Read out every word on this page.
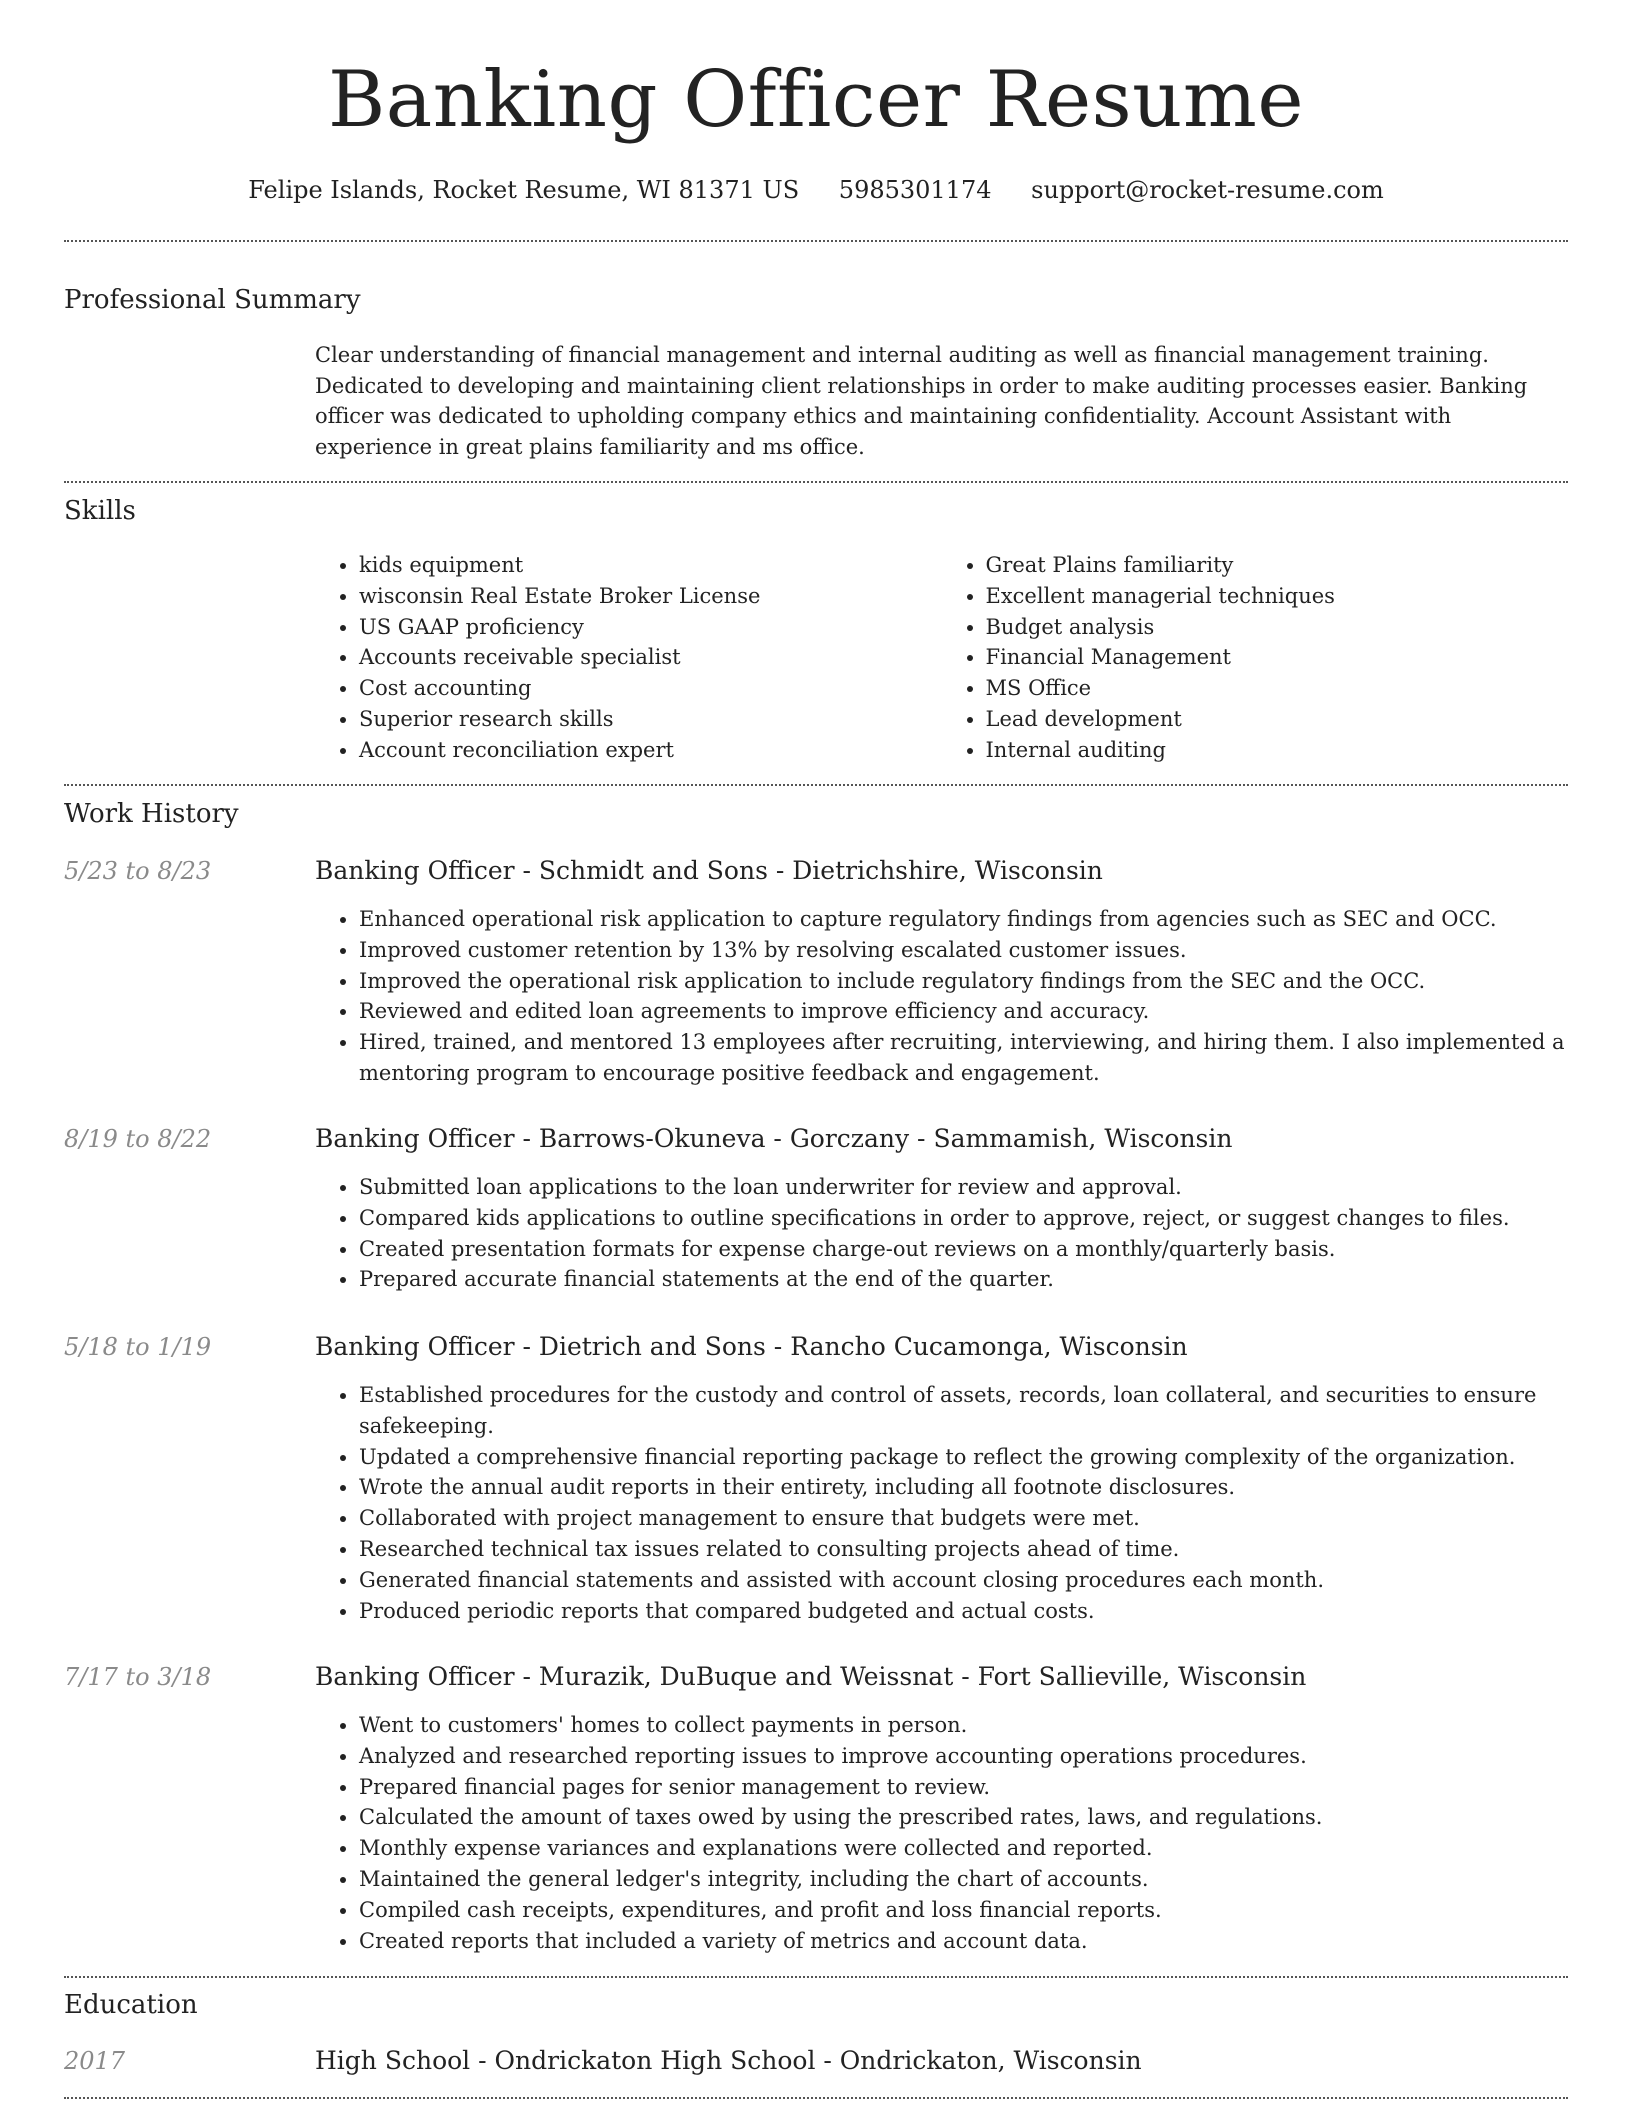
Banking Officer Resume
Felipe Islands, Rocket Resume, WI 81371 US 5985301174 support@rocket-resume.com
Professional Summary

Clear understanding of financial management and internal auditing as well as financial management training. Dedicated to developing and maintaining client relationships in order to make auditing processes easier. Banking officer was dedicated to upholding company ethics and maintaining confidentiality. Account Assistant with experience in great plains familiarity and ms office.

Skills
• kids equipment
• wisconsin Real Estate Broker License
• US GAAP proficiency
• Accounts receivable specialist
• Cost accounting
• Superior research skills
• Account reconciliation expert
• Great Plains familiarity
• Excellent managerial techniques
• Budget analysis
• Financial Management
• MS Office
• Lead development
• Internal auditing
Work History
5/23 to 8/23	Banking Officer - Schmidt and Sons - Dietrichshire, Wisconsin
• Enhanced operational risk application to capture regulatory findings from agencies such as SEC and OCC.
• Improved customer retention by 13% by resolving escalated customer issues.
• Improved the operational risk application to include regulatory findings from the SEC and the OCC.
• Reviewed and edited loan agreements to improve efficiency and accuracy.
• Hired, trained, and mentored 13 employees after recruiting, interviewing, and hiring them. I also implemented a mentoring program to encourage positive feedback and engagement.
8/19 to 8/22	Banking Officer - Barrows-Okuneva - Gorczany - Sammamish, Wisconsin
• Submitted loan applications to the loan underwriter for review and approval.
• Compared kids applications to outline specifications in order to approve, reject, or suggest changes to files.
• Created presentation formats for expense charge-out reviews on a monthly/quarterly basis.
• Prepared accurate financial statements at the end of the quarter.
5/18 to 1/19	Banking Officer - Dietrich and Sons - Rancho Cucamonga, Wisconsin
• Established procedures for the custody and control of assets, records, loan collateral, and securities to ensure safekeeping.
• Updated a comprehensive financial reporting package to reflect the growing complexity of the organization.
• Wrote the annual audit reports in their entirety, including all footnote disclosures.
• Collaborated with project management to ensure that budgets were met.
• Researched technical tax issues related to consulting projects ahead of time.
• Generated financial statements and assisted with account closing procedures each month.
• Produced periodic reports that compared budgeted and actual costs.
7/17 to 3/18	Banking Officer - Murazik, DuBuque and Weissnat - Fort Sallieville, Wisconsin
• Went to customers' homes to collect payments in person.
• Analyzed and researched reporting issues to improve accounting operations procedures.
• Prepared financial pages for senior management to review.
• Calculated the amount of taxes owed by using the prescribed rates, laws, and regulations.
• Monthly expense variances and explanations were collected and reported.
• Maintained the general ledger's integrity, including the chart of accounts.
• Compiled cash receipts, expenditures, and profit and loss financial reports.
• Created reports that included a variety of metrics and account data.
Education
2017	High School - Ondrickaton High School - Ondrickaton, Wisconsin
